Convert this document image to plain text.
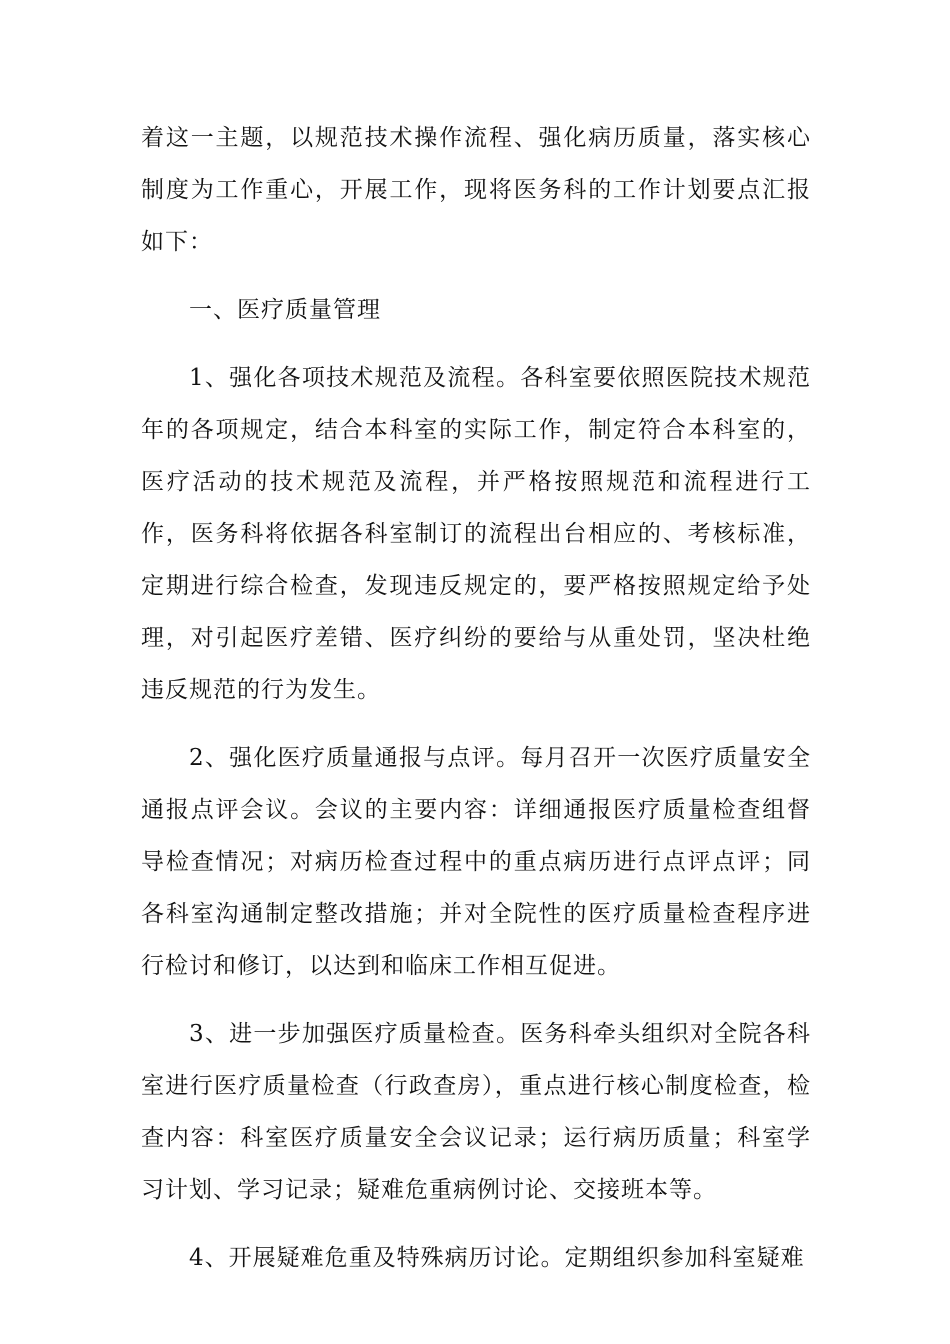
着这一主题，以规范技术操作流程、强化病历质量，落实核心制度为工作重心，开展工作，现将医务科的工作计划要点汇报如下：

一、医疗质量管理

1、强化各项技术规范及流程。各科室要依照医院技术规范年的各项规定，结合本科室的实际工作，制定符合本科室的，医疗活动的技术规范及流程，并严格按照规范和流程进行工作，医务科将依据各科室制订的流程出台相应的、考核标准，定期进行综合检查，发现违反规定的，要严格按照规定给予处理，对引起医疗差错、医疗纠纷的要给与从重处罚，坚决杜绝违反规范的行为发生。

2、强化医疗质量通报与点评。每月召开一次医疗质量安全通报点评会议。会议的主要内容：详细通报医疗质量检查组督导检查情况；对病历检查过程中的重点病历进行点评点评；同各科室沟通制定整改措施；并对全院性的医疗质量检查程序进行检讨和修订，以达到和临床工作相互促进。

3、进一步加强医疗质量检查。医务科牵头组织对全院各科室进行医疗质量检查（行政查房），重点进行核心制度检查，检查内容：科室医疗质量安全会议记录；运行病历质量；科室学习计划、学习记录；疑难危重病例讨论、交接班本等。

4、开展疑难危重及特殊病历讨论。定期组织参加科室疑难
